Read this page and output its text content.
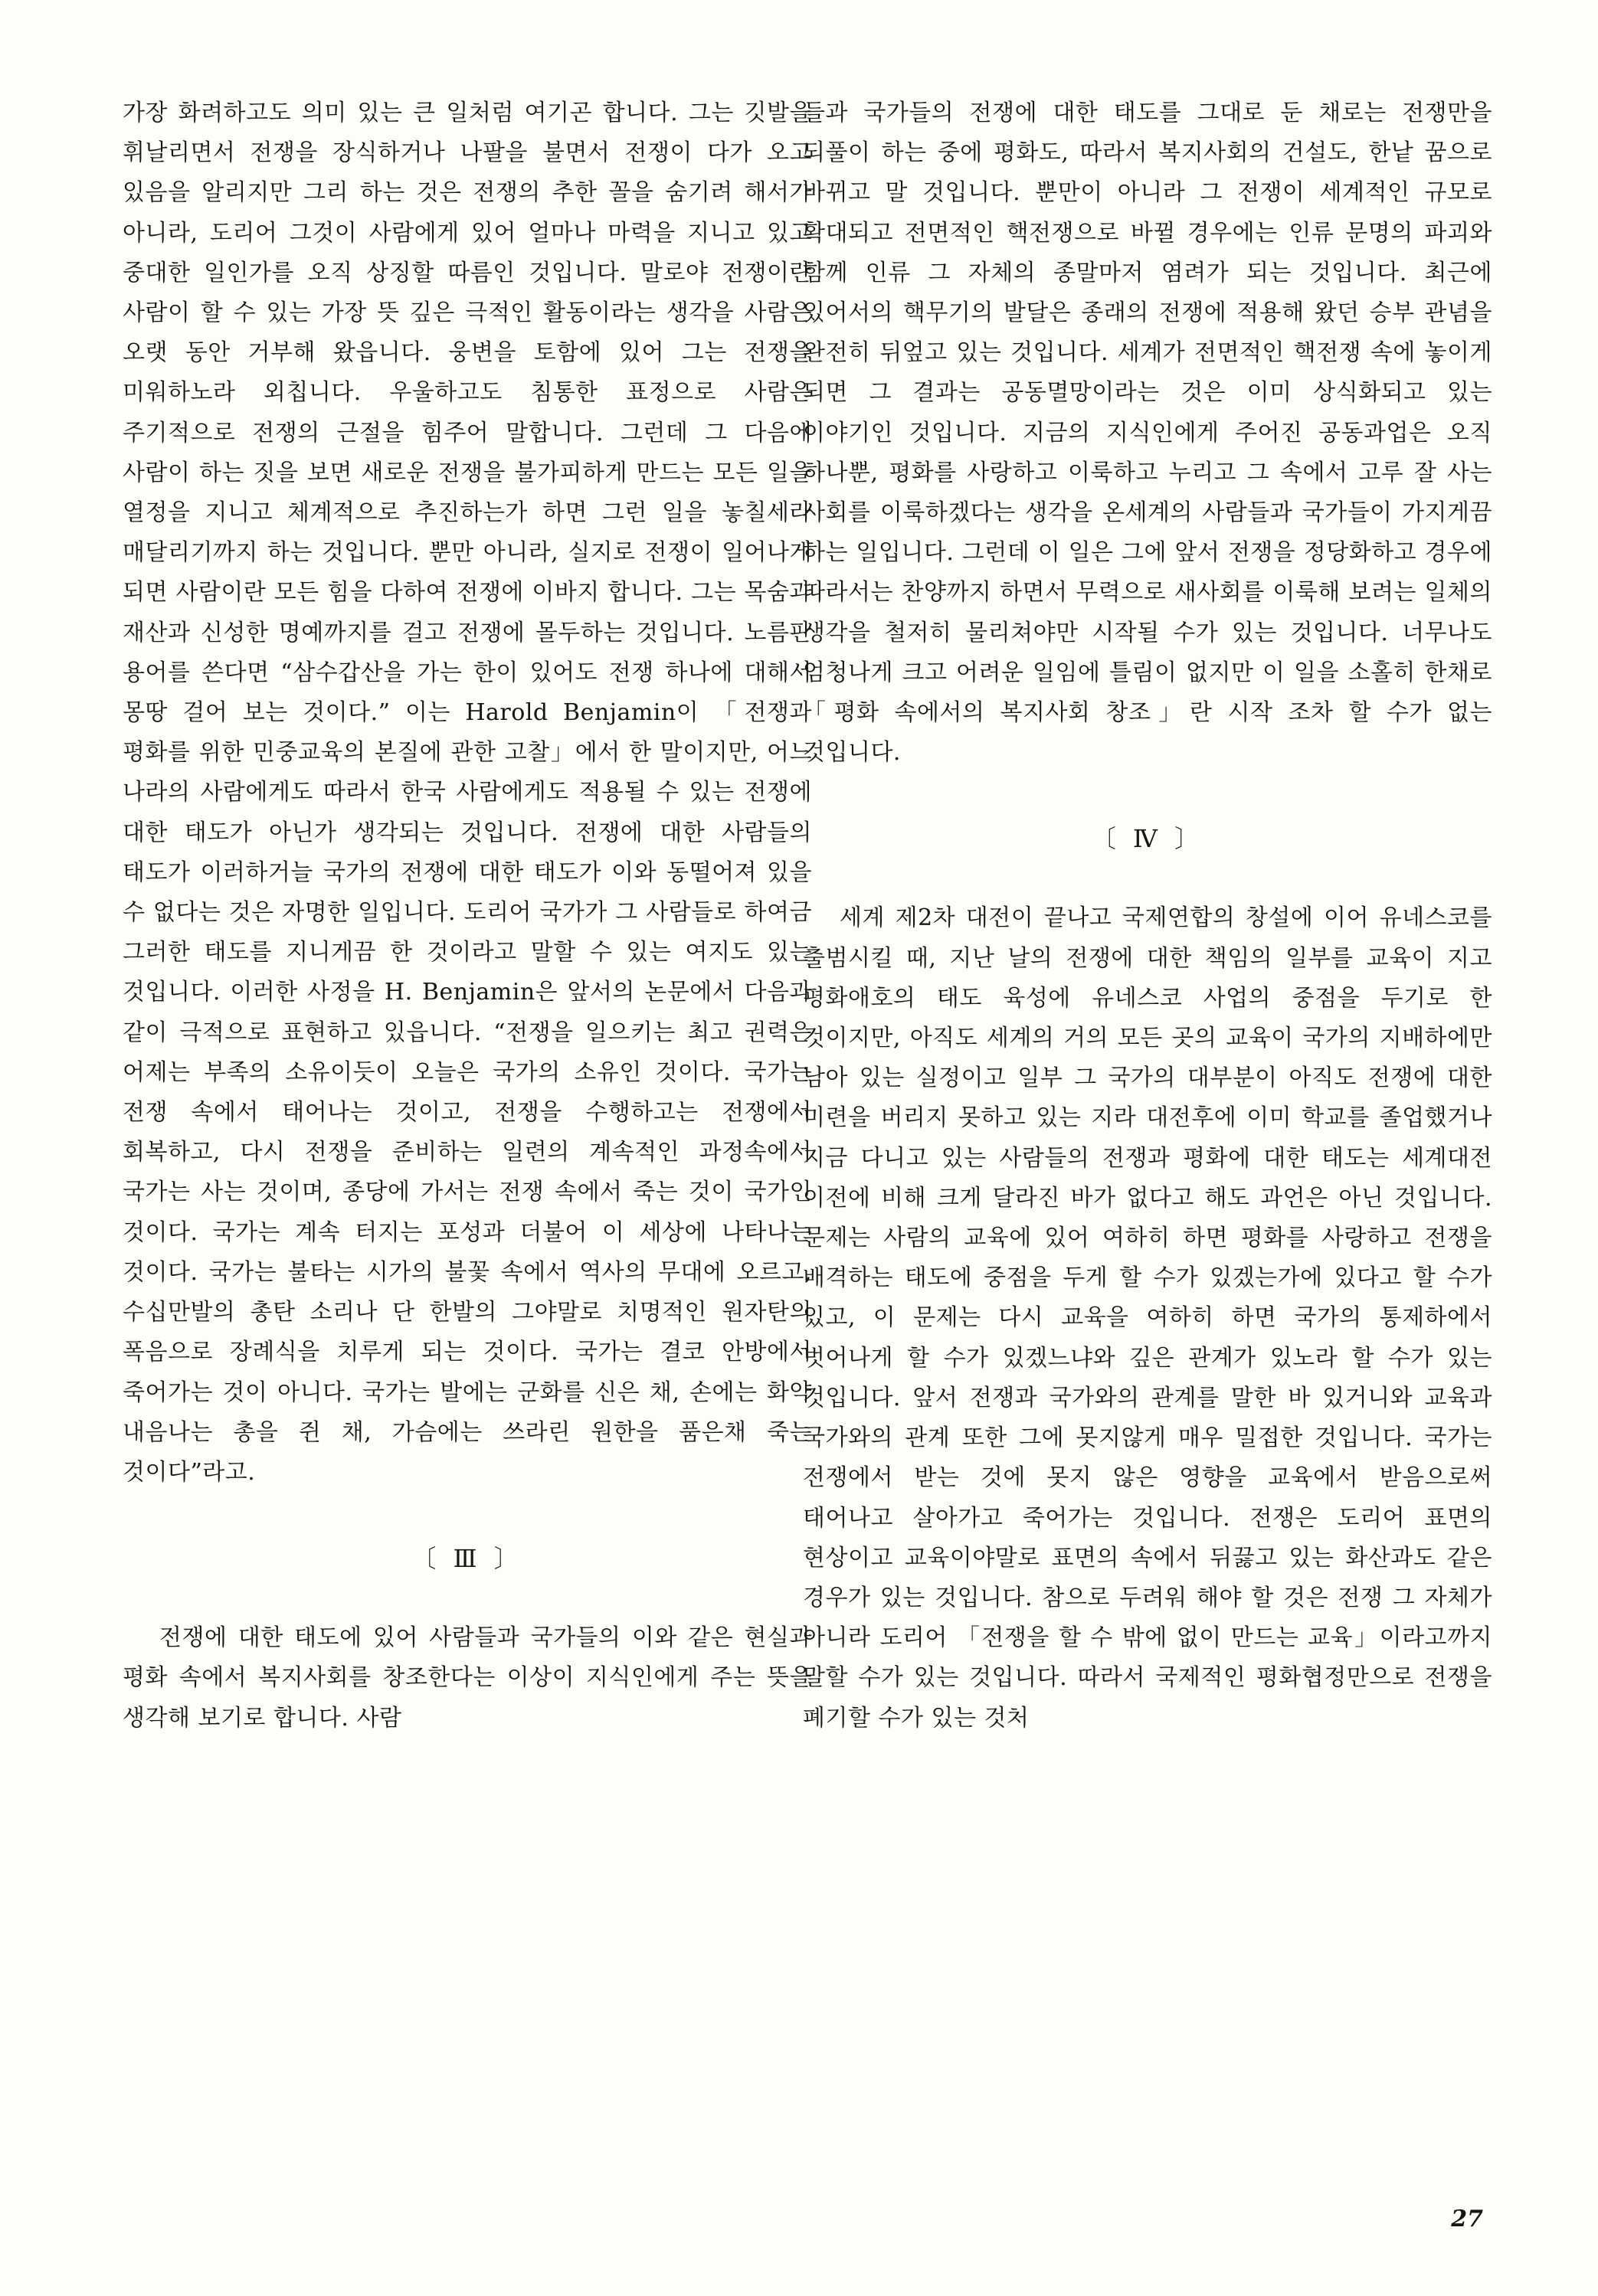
가장 화려하고도 의미 있는 큰 일처럼 여기곤 합니다. 그는 깃발을 휘날리면서 전쟁을 장식하거나 나팔을 불면서 전쟁이 다가 오고 있음을 알리지만 그리 하는 것은 전쟁의 추한 꼴을 숨기려 해서가 아니라, 도리어 그것이 사람에게 있어 얼마나 마력을 지니고 있고 중대한 일인가를 오직 상징할 따름인 것입니다. 말로야 전쟁이란 사람이 할 수 있는 가장 뜻 깊은 극적인 활동이라는 생각을 사람은 오랫 동안 거부해 왔읍니다. 웅변을 토함에 있어 그는 전쟁을 미워하노라 외칩니다. 우울하고도 침통한 표정으로 사람은 주기적으로 전쟁의 근절을 힘주어 말합니다. 그런데 그 다음에 사람이 하는 짓을 보면 새로운 전쟁을 불가피하게 만드는 모든 일을 열정을 지니고 체계적으로 추진하는가 하면 그런 일을 놓칠세라 매달리기까지 하는 것입니다. 뿐만 아니라, 실지로 전쟁이 일어나게 되면 사람이란 모든 힘을 다하여 전쟁에 이바지 합니다. 그는 목숨과 재산과 신성한 명예까지를 걸고 전쟁에 몰두하는 것입니다. 노름판 용어를 쓴다면 “삼수갑산을 가는 한이 있어도 전쟁 하나에 대해서 몽땅 걸어 보는 것이다.” 이는 Harold Benjamin이 「전쟁과 평화를 위한 민중교육의 본질에 관한 고찰」에서 한 말이지만, 어느 나라의 사람에게도 따라서 한국 사람에게도 적용될 수 있는 전쟁에 대한 태도가 아닌가 생각되는 것입니다. 전쟁에 대한 사람들의 태도가 이러하거늘 국가의 전쟁에 대한 태도가 이와 동떨어져 있을 수 없다는 것은 자명한 일입니다. 도리어 국가가 그 사람들로 하여금 그러한 태도를 지니게끔 한 것이라고 말할 수 있는 여지도 있는 것입니다. 이러한 사정을 H. Benjamin은 앞서의 논문에서 다음과 같이 극적으로 표현하고 있읍니다. “전쟁을 일으키는 최고 권력은 어제는 부족의 소유이듯이 오늘은 국가의 소유인 것이다. 국가는 전쟁 속에서 태어나는 것이고, 전쟁을 수행하고는 전쟁에서 회복하고, 다시 전쟁을 준비하는 일련의 계속적인 과정속에서 국가는 사는 것이며, 종당에 가서는 전쟁 속에서 죽는 것이 국가인 것이다. 국가는 계속 터지는 포성과 더불어 이 세상에 나타나는 것이다. 국가는 불타는 시가의 불꽃 속에서 역사의 무대에 오르고, 수십만발의 총탄 소리나 단 한발의 그야말로 치명적인 원자탄의 폭음으로 장례식을 치루게 되는 것이다. 국가는 결코 안방에서 죽어가는 것이 아니다. 국가는 발에는 군화를 신은 채, 손에는 화약 내음나는 총을 쥔 채, 가슴에는 쓰라린 원한을 품은채 죽는 것이다”라고.

〔 Ⅲ 〕

전쟁에 대한 태도에 있어 사람들과 국가들의 이와 같은 현실과 평화 속에서 복지사회를 창조한다는 이상이 지식인에게 주는 뜻을 생각해 보기로 합니다. 사람

들과 국가들의 전쟁에 대한 태도를 그대로 둔 채로는 전쟁만을 되풀이 하는 중에 평화도, 따라서 복지사회의 건설도, 한낱 꿈으로 바뀌고 말 것입니다. 뿐만이 아니라 그 전쟁이 세계적인 규모로 확대되고 전면적인 핵전쟁으로 바뀔 경우에는 인류 문명의 파괴와 함께 인류 그 자체의 종말마저 염려가 되는 것입니다. 최근에 있어서의 핵무기의 발달은 종래의 전쟁에 적용해 왔던 승부 관념을 완전히 뒤엎고 있는 것입니다. 세계가 전면적인 핵전쟁 속에 놓이게 되면 그 결과는 공동멸망이라는 것은 이미 상식화되고 있는 이야기인 것입니다. 지금의 지식인에게 주어진 공동과업은 오직 하나뿐, 평화를 사랑하고 이룩하고 누리고 그 속에서 고루 잘 사는 사회를 이룩하겠다는 생각을 온세계의 사람들과 국가들이 가지게끔 하는 일입니다. 그런데 이 일은 그에 앞서 전쟁을 정당화하고 경우에 따라서는 찬양까지 하면서 무력으로 새사회를 이룩해 보려는 일체의 생각을 철저히 물리쳐야만 시작될 수가 있는 것입니다. 너무나도 엄청나게 크고 어려운 일임에 틀림이 없지만 이 일을 소홀히 한채로 「평화 속에서의 복지사회 창조」란 시작 조차 할 수가 없는 것입니다.

〔 Ⅳ 〕

세계 제2차 대전이 끝나고 국제연합의 창설에 이어 유네스코를 출범시킬 때, 지난 날의 전쟁에 대한 책임의 일부를 교육이 지고 평화애호의 태도 육성에 유네스코 사업의 중점을 두기로 한 것이지만, 아직도 세계의 거의 모든 곳의 교육이 국가의 지배하에만 남아 있는 실정이고 일부 그 국가의 대부분이 아직도 전쟁에 대한 미련을 버리지 못하고 있는 지라 대전후에 이미 학교를 졸업했거나 지금 다니고 있는 사람들의 전쟁과 평화에 대한 태도는 세계대전 이전에 비해 크게 달라진 바가 없다고 해도 과언은 아닌 것입니다. 문제는 사람의 교육에 있어 여하히 하면 평화를 사랑하고 전쟁을 배격하는 태도에 중점을 두게 할 수가 있겠는가에 있다고 할 수가 있고, 이 문제는 다시 교육을 여하히 하면 국가의 통제하에서 벗어나게 할 수가 있겠느냐와 깊은 관계가 있노라 할 수가 있는 것입니다. 앞서 전쟁과 국가와의 관계를 말한 바 있거니와 교육과 국가와의 관계 또한 그에 못지않게 매우 밀접한 것입니다. 국가는 전쟁에서 받는 것에 못지 않은 영향을 교육에서 받음으로써 태어나고 살아가고 죽어가는 것입니다. 전쟁은 도리어 표면의 현상이고 교육이야말로 표면의 속에서 뒤끓고 있는 화산과도 같은 경우가 있는 것입니다. 참으로 두려워 해야 할 것은 전쟁 그 자체가 아니라 도리어 「전쟁을 할 수 밖에 없이 만드는 교육」이라고까지 말할 수가 있는 것입니다. 따라서 국제적인 평화협정만으로 전쟁을 폐기할 수가 있는 것처

27
